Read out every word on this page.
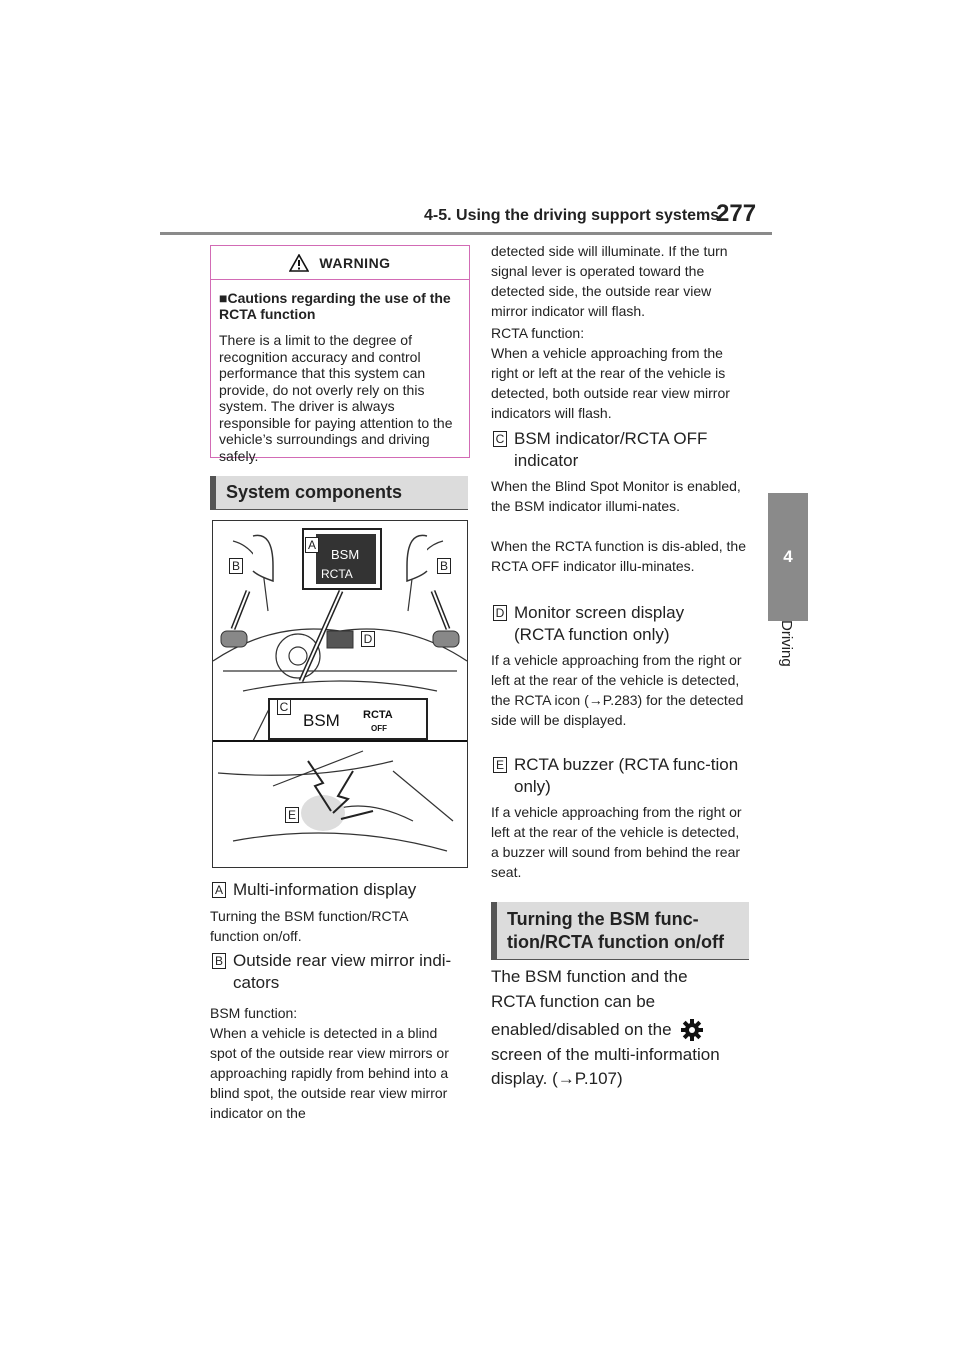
4-5. Using the driving support systems
277
4
Driving
WARNING
■Cautions regarding the use of the RCTA function
There is a limit to the degree of recognition accuracy and control performance that this system can provide, do not overly rely on this system. The driver is always responsible for paying attention to the vehicle’s surroundings and driving safely.
System components
BSM
RCTA
BSM RCTA
OFF
A
B	B
D
C
E
A Multi-information display
Turning the BSM function/RCTA function on/off.
B Outside rear view mirror indi-cators
BSM function:
When a vehicle is detected in a blind spot of the outside rear view mirrors or approaching rapidly from behind into a blind spot, the outside rear view mirror indicator on the
detected side will illuminate. If the turn signal lever is operated toward the detected side, the outside rear view mirror indicator will flash.
RCTA function:
When a vehicle approaching from the right or left at the rear of the vehicle is detected, both outside rear view mirror indicators will flash.
C BSM indicator/RCTA OFF indicator
When the Blind Spot Monitor is enabled, the BSM indicator illumi-nates.
When the RCTA function is dis-abled, the RCTA OFF indicator illu-minates.
D Monitor screen display (RCTA function only)
If a vehicle approaching from the right or left at the rear of the vehicle is detected, the RCTA icon (→P.283) for the detected side will be displayed.
E RCTA buzzer (RCTA func-tion only)
If a vehicle approaching from the right or left at the rear of the vehicle is detected, a buzzer will sound from behind the rear seat.
Turning the BSM func-tion/RCTA function on/off
The BSM function and the
RCTA function can be
enabled/disabled on the
screen of the multi-information
display. (→P.107)
